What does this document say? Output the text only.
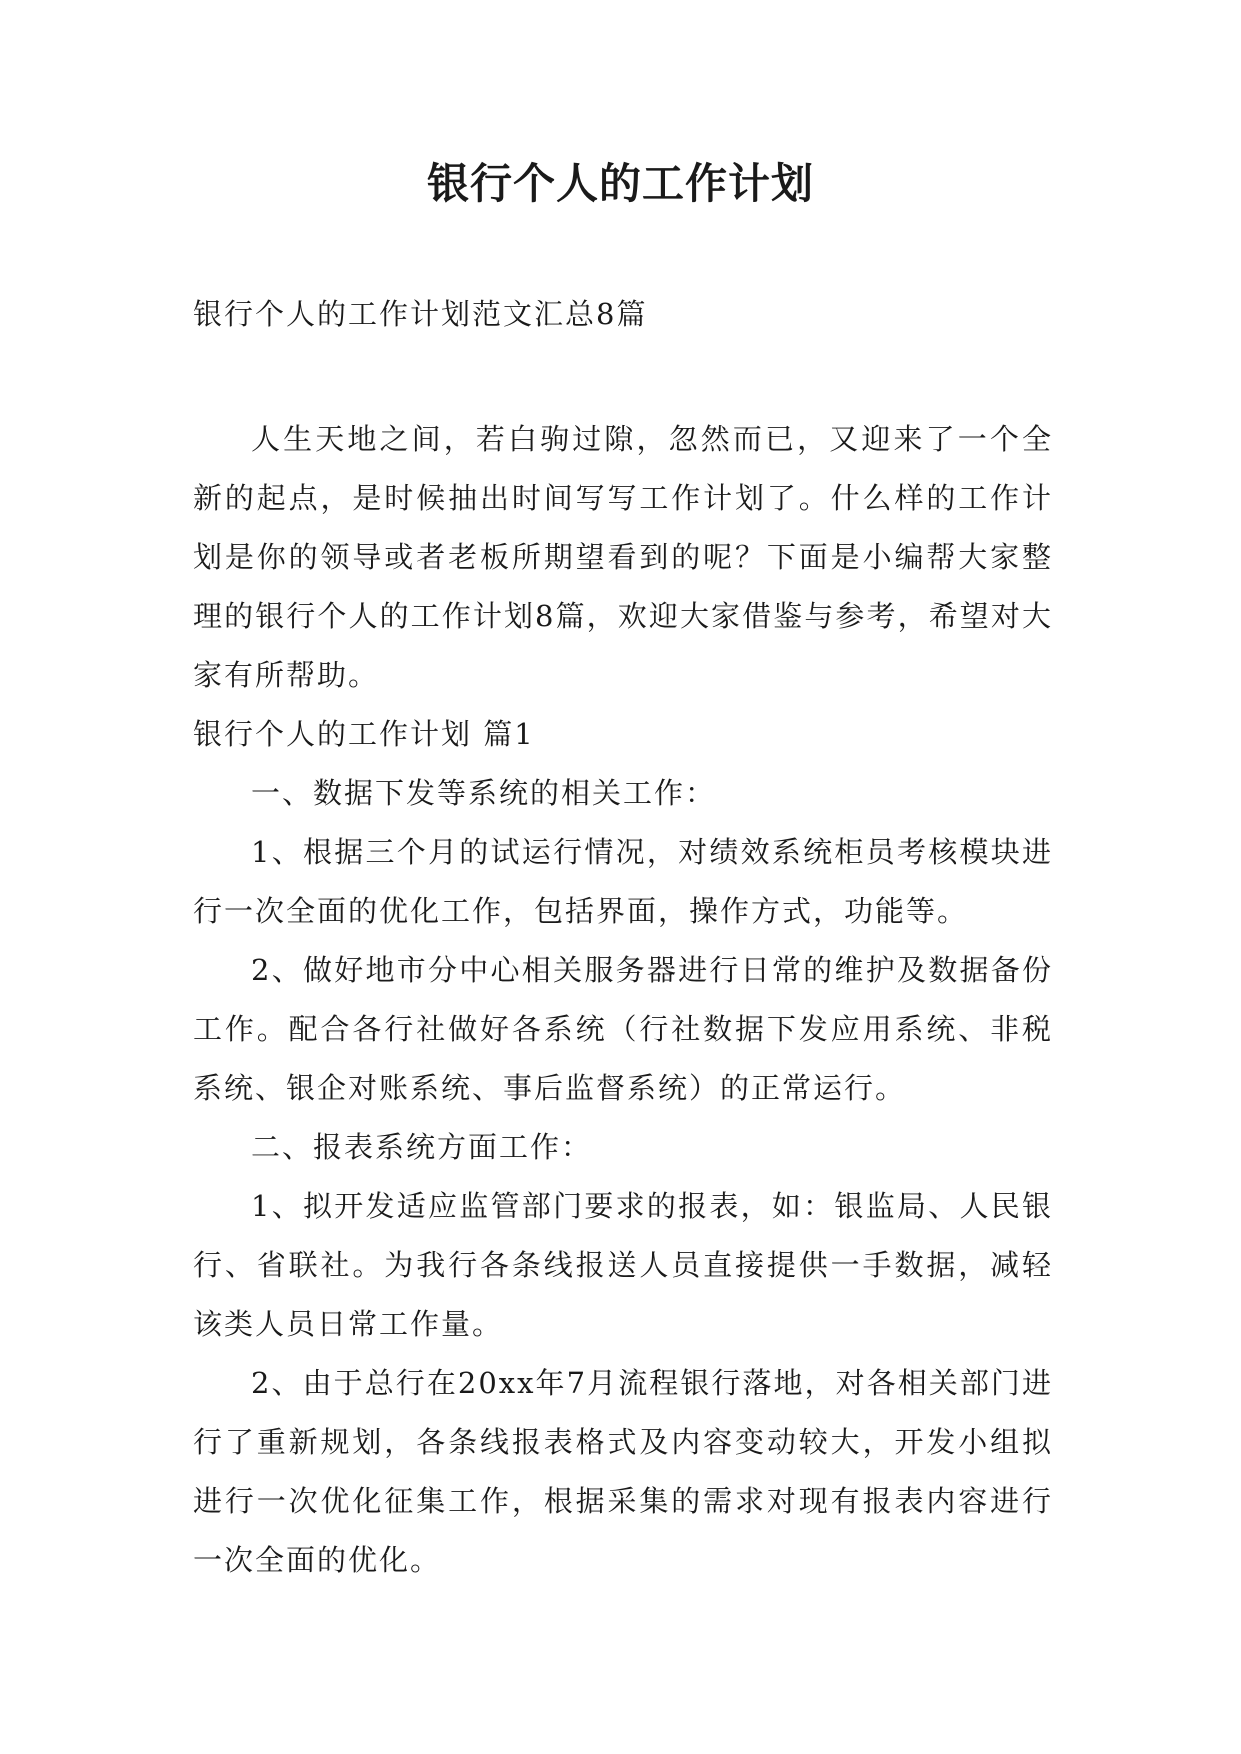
银行个人的工作计划

银行个人的工作计划范文汇总8篇

人生天地之间，若白驹过隙，忽然而已，又迎来了一个全新的起点，是时候抽出时间写写工作计划了。什么样的工作计划是你的领导或者老板所期望看到的呢？下面是小编帮大家整理的银行个人的工作计划8篇，欢迎大家借鉴与参考，希望对大家有所帮助。

银行个人的工作计划 篇1

一、数据下发等系统的相关工作：

1、根据三个月的试运行情况，对绩效系统柜员考核模块进行一次全面的优化工作，包括界面，操作方式，功能等。

2、做好地市分中心相关服务器进行日常的维护及数据备份工作。配合各行社做好各系统（行社数据下发应用系统、非税系统、银企对账系统、事后监督系统）的正常运行。

二、报表系统方面工作：

1、拟开发适应监管部门要求的报表，如：银监局、人民银行、省联社。为我行各条线报送人员直接提供一手数据，减轻该类人员日常工作量。

2、由于总行在20xx年7月流程银行落地，对各相关部门进行了重新规划，各条线报表格式及内容变动较大，开发小组拟进行一次优化征集工作，根据采集的需求对现有报表内容进行一次全面的优化。
